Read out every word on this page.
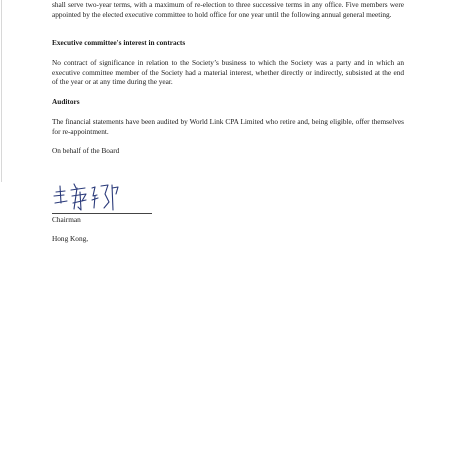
shall serve two-year terms, with a maximum of re-election to three successive terms in any office. Five members were appointed by the elected executive committee to hold office for one year until the following annual general meeting.

Executive committee's interest in contracts

No contract of significance in relation to the Society’s business to which the Society was a party and in which an executive committee member of the Society had a material interest, whether directly or indirectly, subsisted at the end of the year or at any time during the year.

Auditors

The financial statements have been audited by World Link CPA Limited who retire and, being eligible, offer themselves for re-appointment.

On behalf of the Board

Chairman

Hong Kong,
